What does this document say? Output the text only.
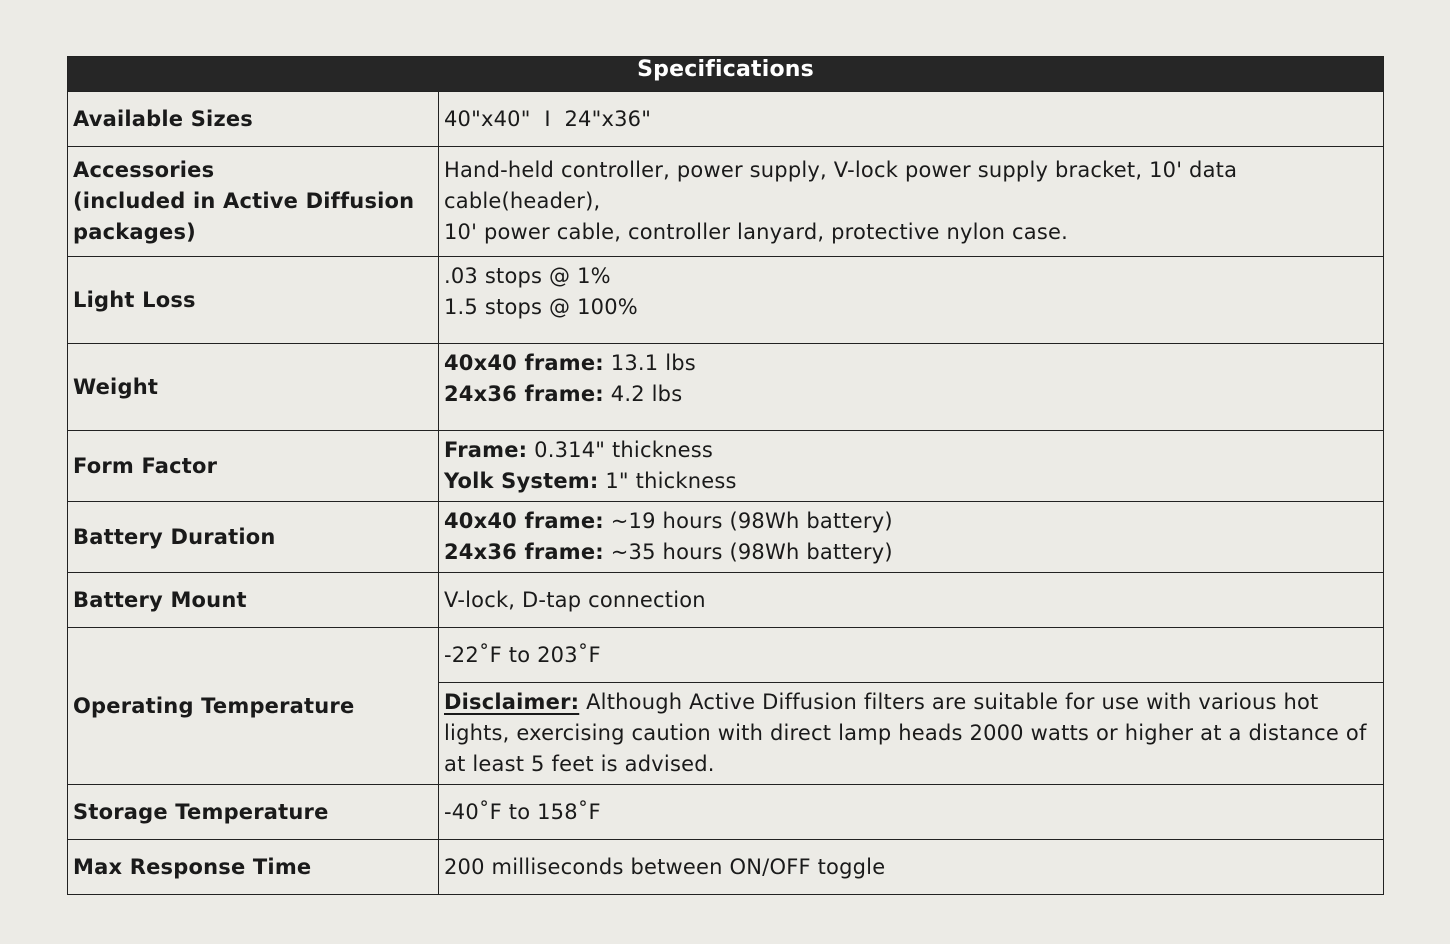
Specifications	
Available Sizes	40"x40"  I  24"x36"

Accessories
(included in Active Diffusion
packages)	Hand-held controller, power supply, V-lock power supply bracket, 10' data
cable(header),
10' power cable, controller lanyard, protective nylon case.

Light Loss	.03 stops @ 1%
1.5 stops @ 100%

Weight	40x40 frame: 13.1 lbs
24x36 frame: 4.2 lbs

Form Factor	Frame: 0.314" thickness
Yolk System: 1" thickness

Battery Duration	40x40 frame: ~19 hours (98Wh battery)
24x36 frame: ~35 hours (98Wh battery)

Battery Mount	V-lock, D-tap connection
Operating Temperature	-22˚F to 203˚F
	Disclaimer: Although Active Diffusion filters are suitable for use with various hot lights, exercising caution with direct lamp heads 2000 watts or higher at a distance of at least 5 feet is advised.
Storage Temperature	-40˚F to 158˚F
Max Response Time	200 milliseconds between ON/OFF toggle
